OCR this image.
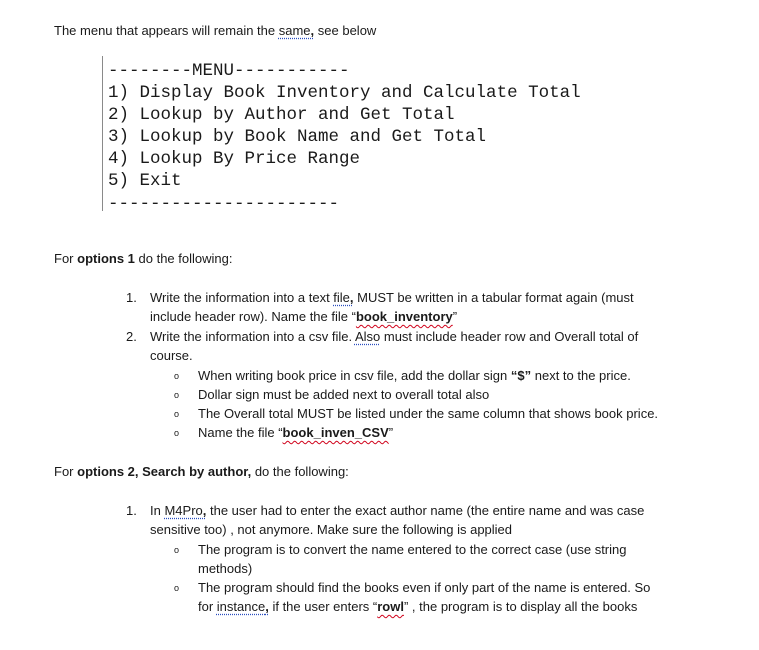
The menu that appears will remain the same, see below
--------MENU-----------
1) Display Book Inventory and Calculate Total
2) Lookup by Author and Get Total
3) Lookup by Book Name and Get Total
4) Lookup By Price Range
5) Exit
----------------------
For options 1 do the following:
1. Write the information into a text file, MUST be written in a tabular format again (must
include header row). Name the file “book_inventory”
2. Write the information into a csv file. Also must include header row and Overall total of
course.
o When writing book price in csv file, add the dollar sign “$” next to the price.
o Dollar sign must be added next to overall total also
o The Overall total MUST be listed under the same column that shows book price.
o Name the file “book_inven_CSV”
For options 2, Search by author, do the following:
1. In M4Pro, the user had to enter the exact author name (the entire name and was case
sensitive too) , not anymore. Make sure the following is applied
o The program is to convert the name entered to the correct case (use string
methods)
o The program should find the books even if only part of the name is entered. So
for instance, if the user enters “rowl” , the program is to display all the books
